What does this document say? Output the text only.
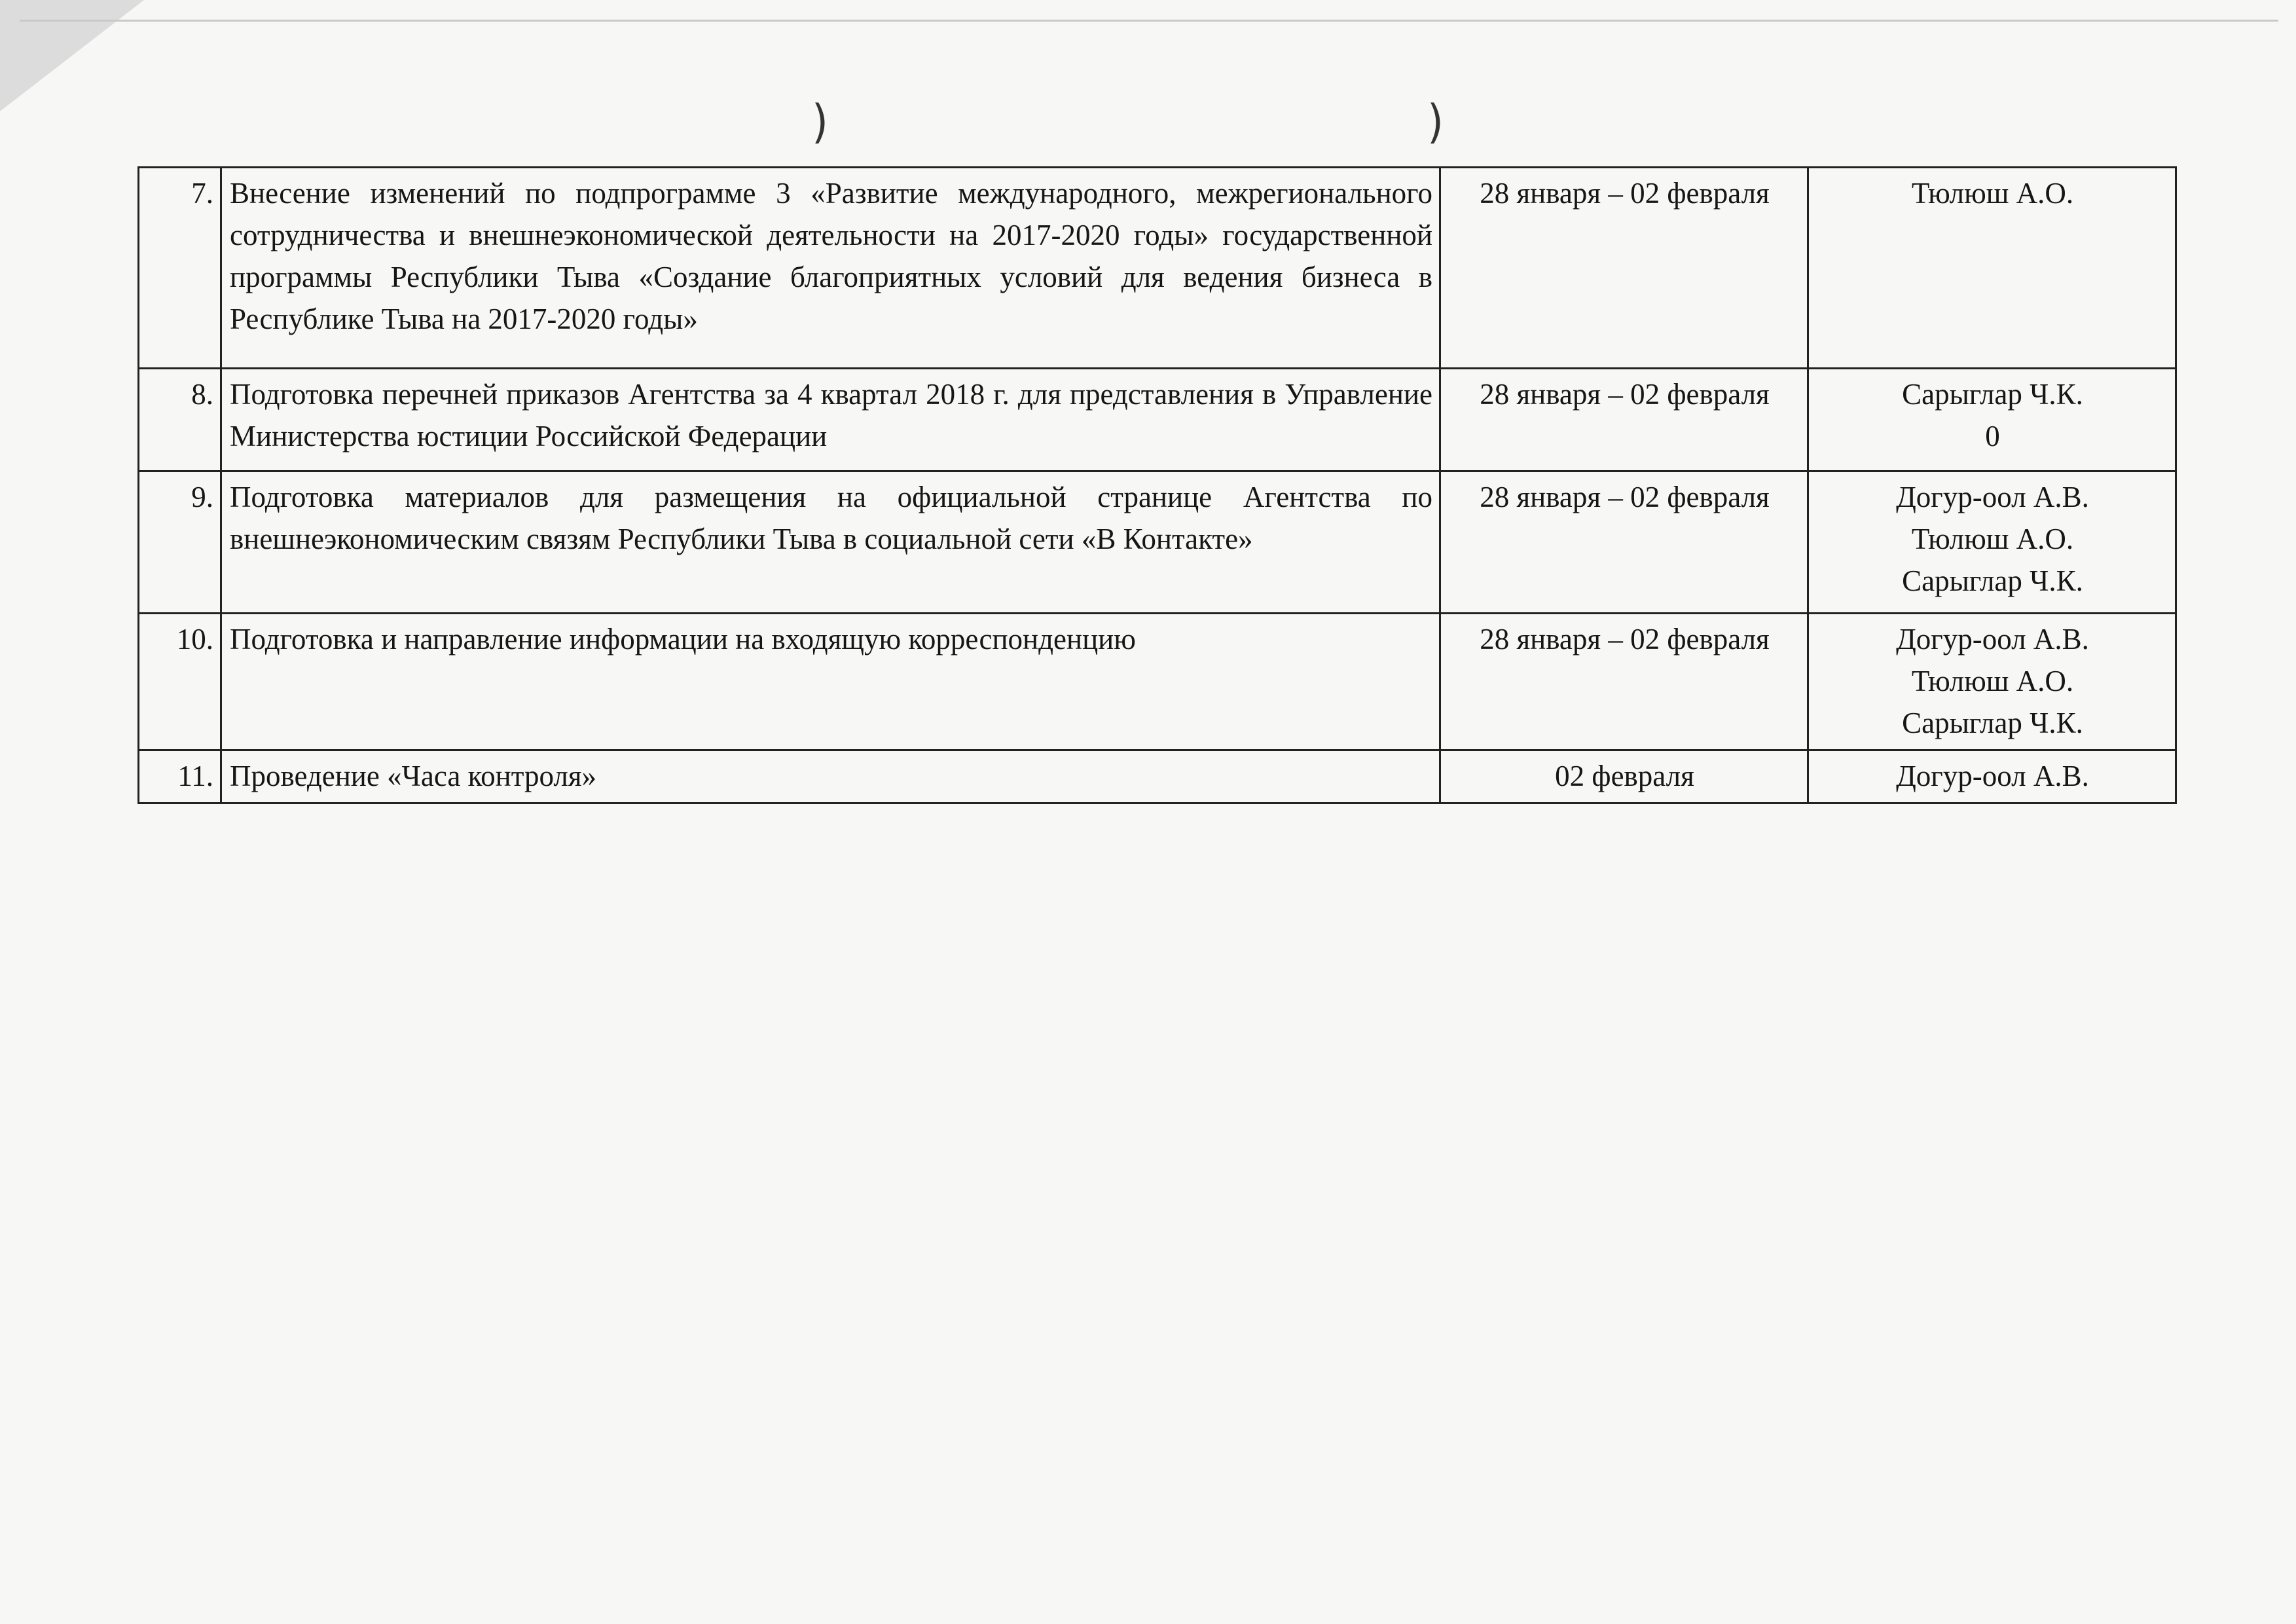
)	)
7.	Внесение изменений по подпрограмме 3 «Развитие международного, межрегионального сотрудничества и внешнеэкономической деятельности на 2017-2020 годы» государственной программы Республики Тыва «Создание благоприятных условий для ведения бизнеса в Республике Тыва на 2017-2020 годы»	28 января – 02 февраля	Тюлюш А.О.

8.	Подготовка перечней приказов Агентства за 4 квартал 2018 г. для представления в Управление Министерства юстиции Российской Федерации	28 января – 02 февраля	Сарыглар Ч.К.
0

9.	Подготовка материалов для размещения на официальной странице Агентства по внешнеэкономическим связям Республики Тыва в социальной сети «В Контакте»	28 января – 02 февраля	Догур-оол А.В.
Тюлюш А.О.
Сарыглар Ч.К.

10.	Подготовка и направление информации на входящую корреспонденцию	28 января – 02 февраля	Догур-оол А.В.
Тюлюш А.О.
Сарыглар Ч.К.

11.	Проведение «Часа контроля»	02 февраля	Догур-оол А.В.
